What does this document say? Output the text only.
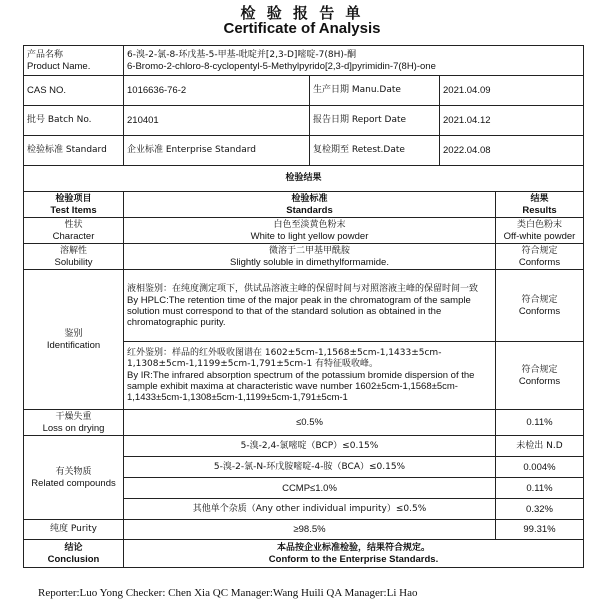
检 验 报 告 单
Certificate of Analysis
产品名称
Product Name.	6-溴-2-氯-8-环戊基-5-甲基-吡啶并[2,3-D]嘧啶-7(8H)-酮
6-Bromo-2-chloro-8-cyclopentyl-5-Methylpyrido[2,3-d]pyrimidin-7(8H)-one			

CAS NO.	1016636-76-2	生产日期 Manu.Date	2021.04.09	
批号 Batch No.	210401	报告日期 Report Date	2021.04.12	
检验标准 Standard	企业标准 Enterprise Standard	复检期至 Retest.Date	2022.04.08	
检验结果				

检验项目
Test Items	检验标准
Standards			结果
Results

性状
Character	白色至淡黄色粉末
White to light yellow powder			类白色粉末
Off-white powder

溶解性
Solubility	微溶于二甲基甲酰胺
Slightly soluble in dimethylformamide.			符合规定
Conforms

鉴别
Identification	液相鉴别：在纯度测定项下，供试品溶液主峰的保留时间与对照溶液主峰的保留时间一致
By HPLC:The retention time of the major peak in the chromatogram of the sample solution must correspond to that of the standard solution as obtained in the chromatographic purity.			符合规定
Conforms

	红外鉴别：样品的红外吸收图谱在 1602±5cm-1,1568±5cm-1,1433±5cm-1,1308±5cm-1,1199±5cm-1,791±5cm-1 有特征吸收峰。
By IR:The infrared absorption spectrum of the potassium bromide dispersion of the sample exhibit maxima at characteristic wave number 1602±5cm-1,1568±5cm-1,1433±5cm-1,1308±5cm-1,1199±5cm-1,791±5cm-1			符合规定
Conforms

干燥失重
Loss on drying	≤0.5%			0.11%

有关物质
Related compounds	5-溴-2,4-氯嘧啶（BCP）≤0.15%			未检出 N.D
	5-溴-2-氯-N-环戊胺嘧啶-4-胺（BCA）≤0.15%			0.004%
	CCMP≤1.0%			0.11%
	其他单个杂质（Any other individual impurity）≤0.5%			0.32%
纯度 Purity	≥98.5%			99.31%

结论
Conclusion	本品按企业标准检验，结果符合规定。
Conform to the Enterprise Standards.			
Reporter:Luo Yong Checker: Chen Xia QC Manager:Wang Huili QA Manager:Li Hao
